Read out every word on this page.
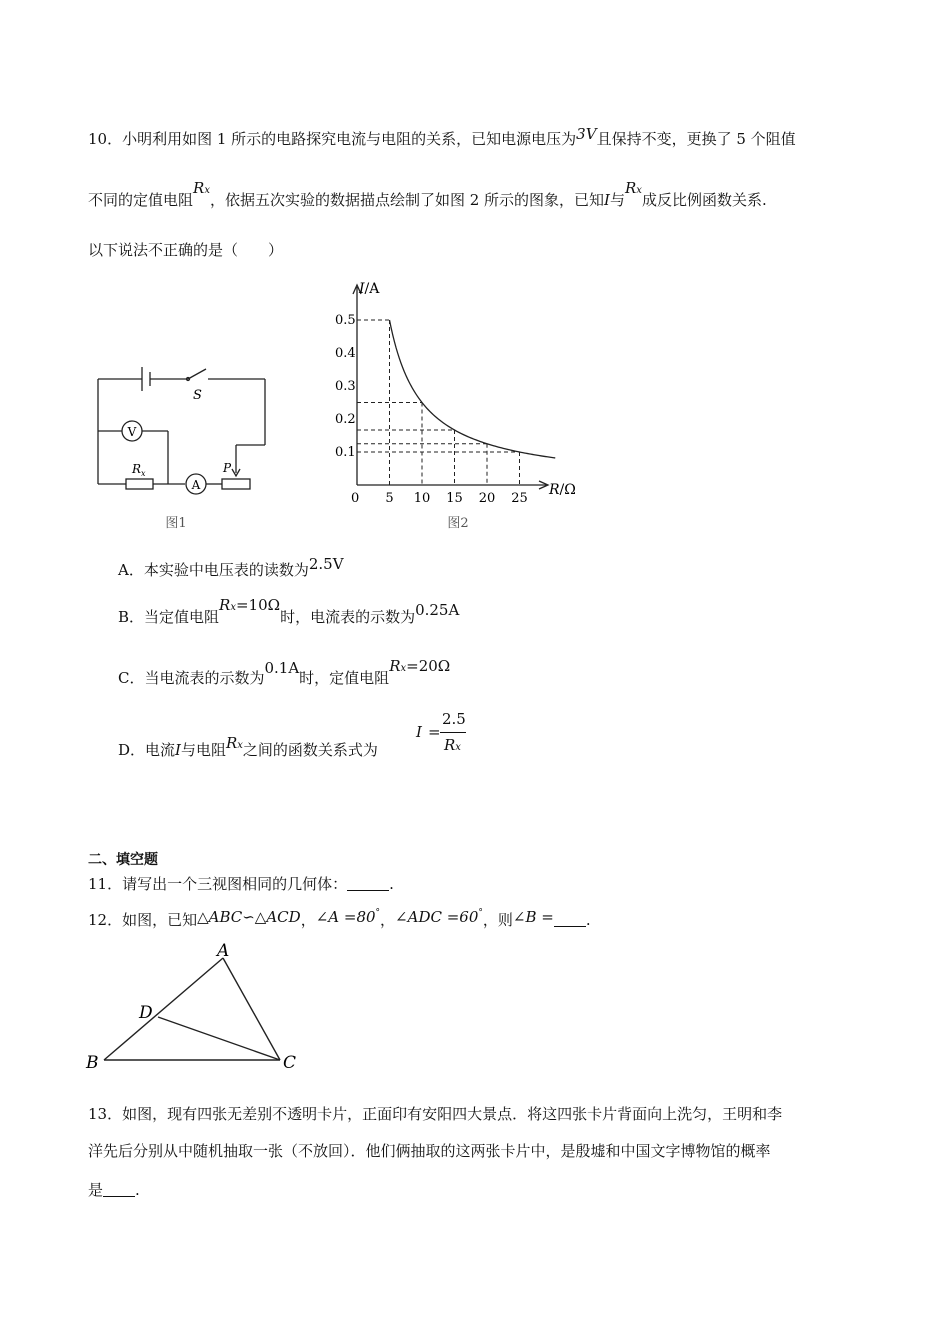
10．小明利用如图 1 所示的电路探究电流与电阻的关系，已知电源电压为3V且保持不变，更换了 5 个阻值
不同的定值电阻Rx，依据五次实验的数据描点绘制了如图 2 所示的图象，已知I与Rx成反比例函数关系.
以下说法不正确的是（　　）
S
V
A
R x	P
图1
0.5
0.4
0.3
0.2
0.1
5 10 15 20 25
I/A
R/Ω
0
图2
A．本实验中电压表的读数为2.5V
B．当定值电阻Rx=10Ω时，电流表的示数为0.25A
C．当电流表的示数为0.1A时，定值电阻Rx=20Ω
D．电流I与电阻Rx之间的函数关系式为
I =
2.5
Rx
二、填空题
11．请写出一个三视图相同的几何体：	.
12．如图，已知△ABC∽△ACD，∠A =80°，∠ADC =60°，则∠B = .
A
B	C
D
13．如图，现有四张无差别不透明卡片，正面印有安阳四大景点．将这四张卡片背面向上洗匀，王明和李
洋先后分别从中随机抽取一张（不放回）．他们俩抽取的这两张卡片中，是殷墟和中国文字博物馆的概率
是 .
